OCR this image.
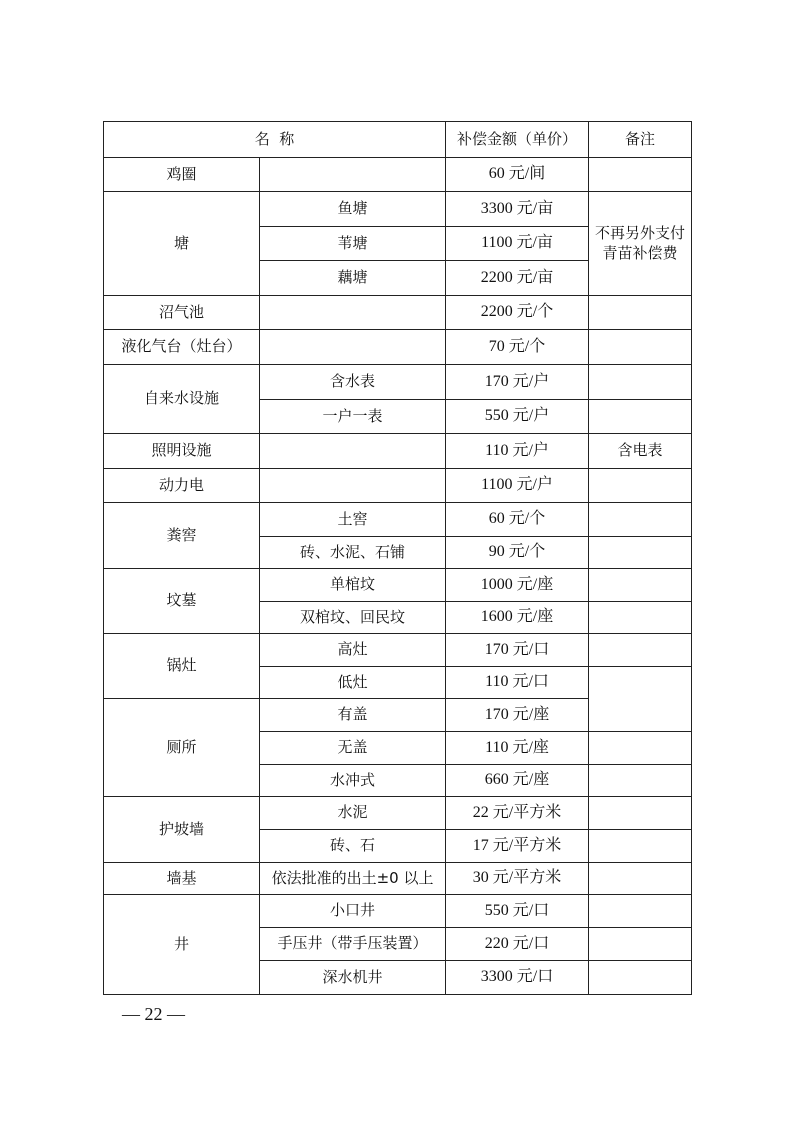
名  称		补偿金额（单价）	备注
鸡圈		60 元/间	
塘	鱼塘	3300 元/亩	不再另外支付青苗补偿费
	苇塘	1100 元/亩	
	藕塘	2200 元/亩	
沼气池		2200 元/个	
液化气台（灶台）		70 元/个	
自来水设施	含水表	170 元/户	
	一户一表	550 元/户	
照明设施		110 元/户	含电表
动力电		1100 元/户	
粪窖	土窖	60 元/个	
	砖、水泥、石铺	90 元/个	
坟墓	单棺坟	1000 元/座	
	双棺坟、回民坟	1600 元/座	
锅灶	高灶	170 元/口	
	低灶	110 元/口	
厕所	有盖	170 元/座	
	无盖	110 元/座	
	水冲式	660 元/座	
护坡墙	水泥	22 元/平方米	
	砖、石	17 元/平方米	
墙基	依法批准的出土±0 以上	30 元/平方米	
井	小口井	550 元/口	
	手压井（带手压装置）	220 元/口	
	深水机井	3300 元/口	
— 22 —
